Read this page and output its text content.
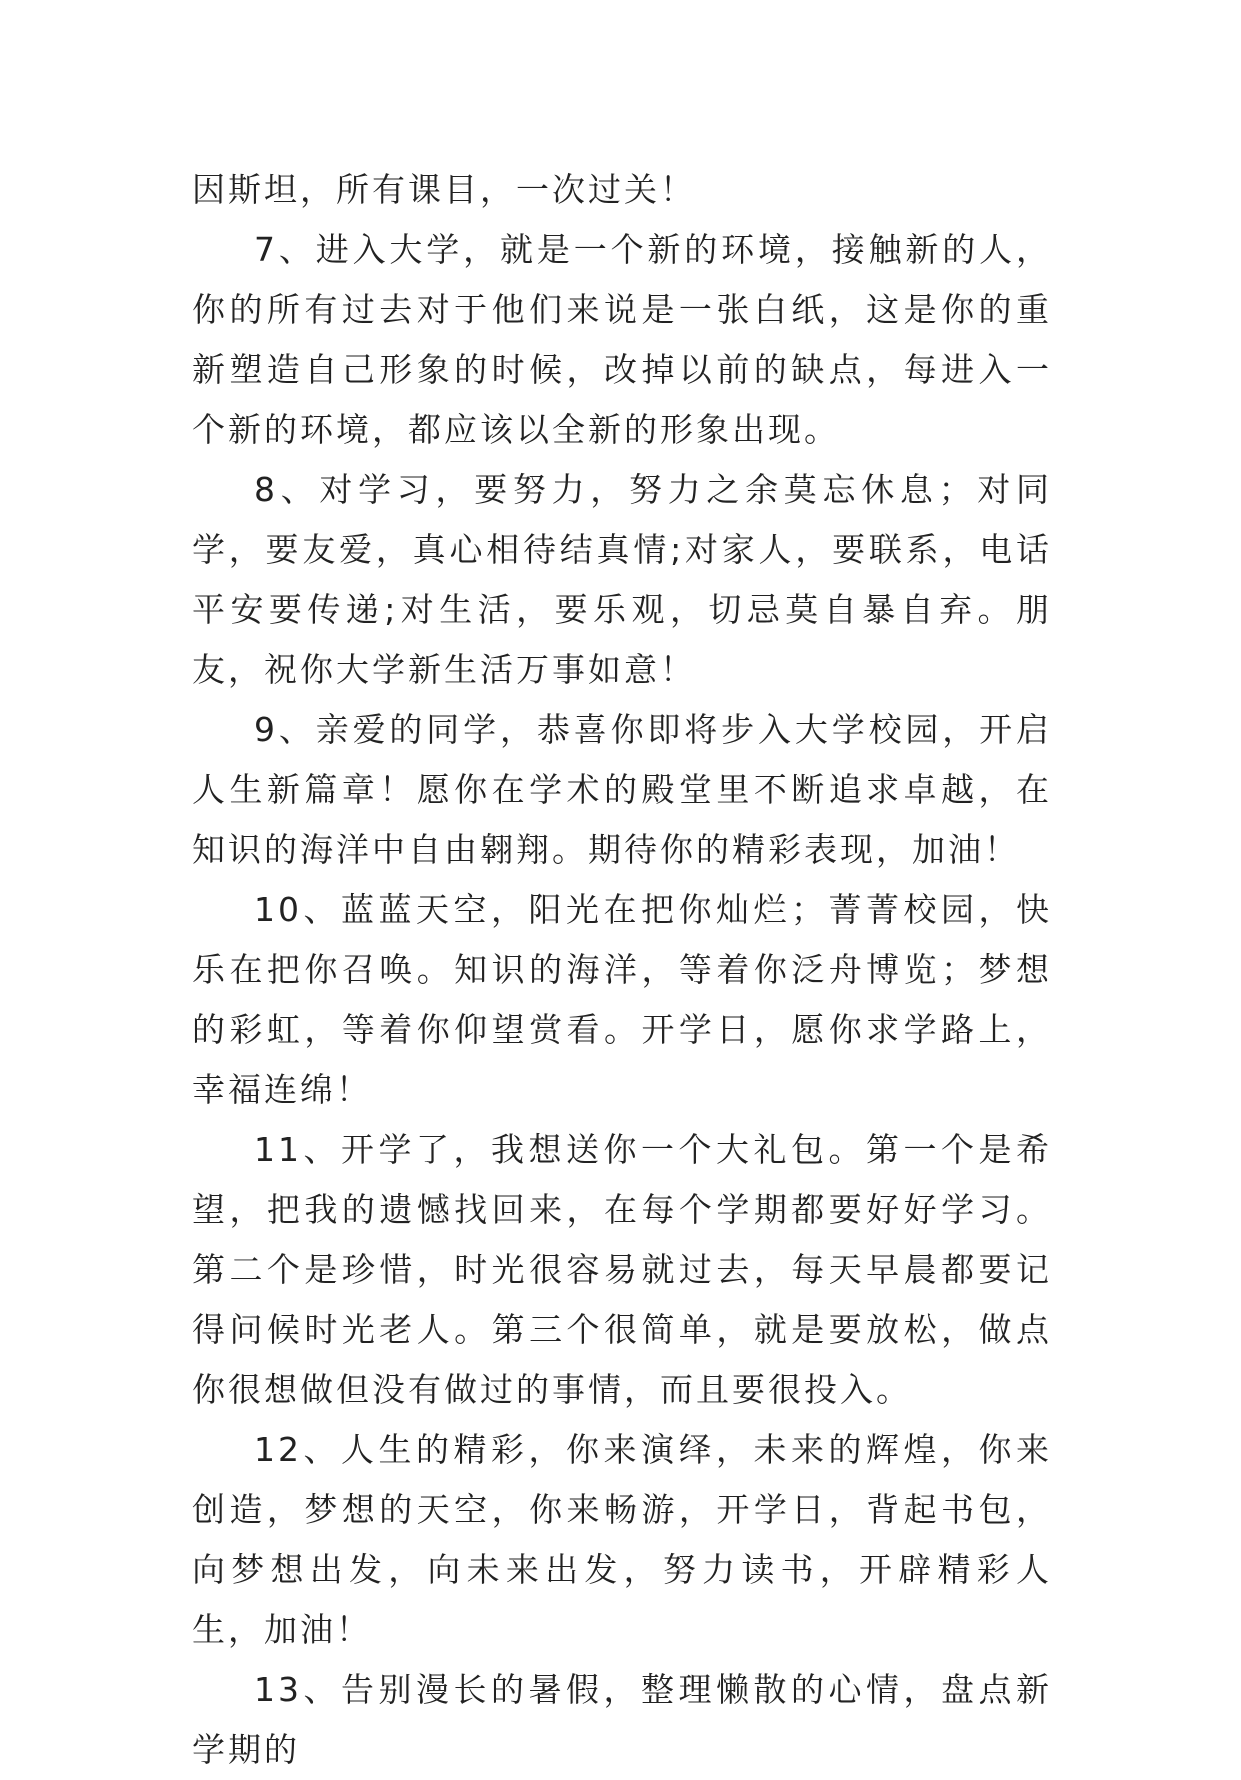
因斯坦，所有课目，一次过关！

7、进入大学，就是一个新的环境，接触新的人，你的所有过去对于他们来说是一张白纸，这是你的重新塑造自己形象的时候，改掉以前的缺点，每进入一个新的环境，都应该以全新的形象出现。

8、对学习，要努力，努力之余莫忘休息；对同学，要友爱，真心相待结真情;对家人，要联系，电话平安要传递;对生活，要乐观，切忌莫自暴自弃。朋友，祝你大学新生活万事如意！

9、亲爱的同学，恭喜你即将步入大学校园，开启人生新篇章！愿你在学术的殿堂里不断追求卓越，在知识的海洋中自由翱翔。期待你的精彩表现，加油！

10、蓝蓝天空，阳光在把你灿烂；菁菁校园，快乐在把你召唤。知识的海洋，等着你泛舟博览；梦想的彩虹，等着你仰望赏看。开学日，愿你求学路上，幸福连绵！

11、开学了，我想送你一个大礼包。第一个是希望，把我的遗憾找回来，在每个学期都要好好学习。第二个是珍惜，时光很容易就过去，每天早晨都要记得问候时光老人。第三个很简单，就是要放松，做点你很想做但没有做过的事情，而且要很投入。

12、人生的精彩，你来演绎，未来的辉煌，你来创造，梦想的天空，你来畅游，开学日，背起书包，向梦想出发，向未来出发，努力读书，开辟精彩人生，加油！

13、告别漫长的暑假，整理懒散的心情，盘点新学期的
